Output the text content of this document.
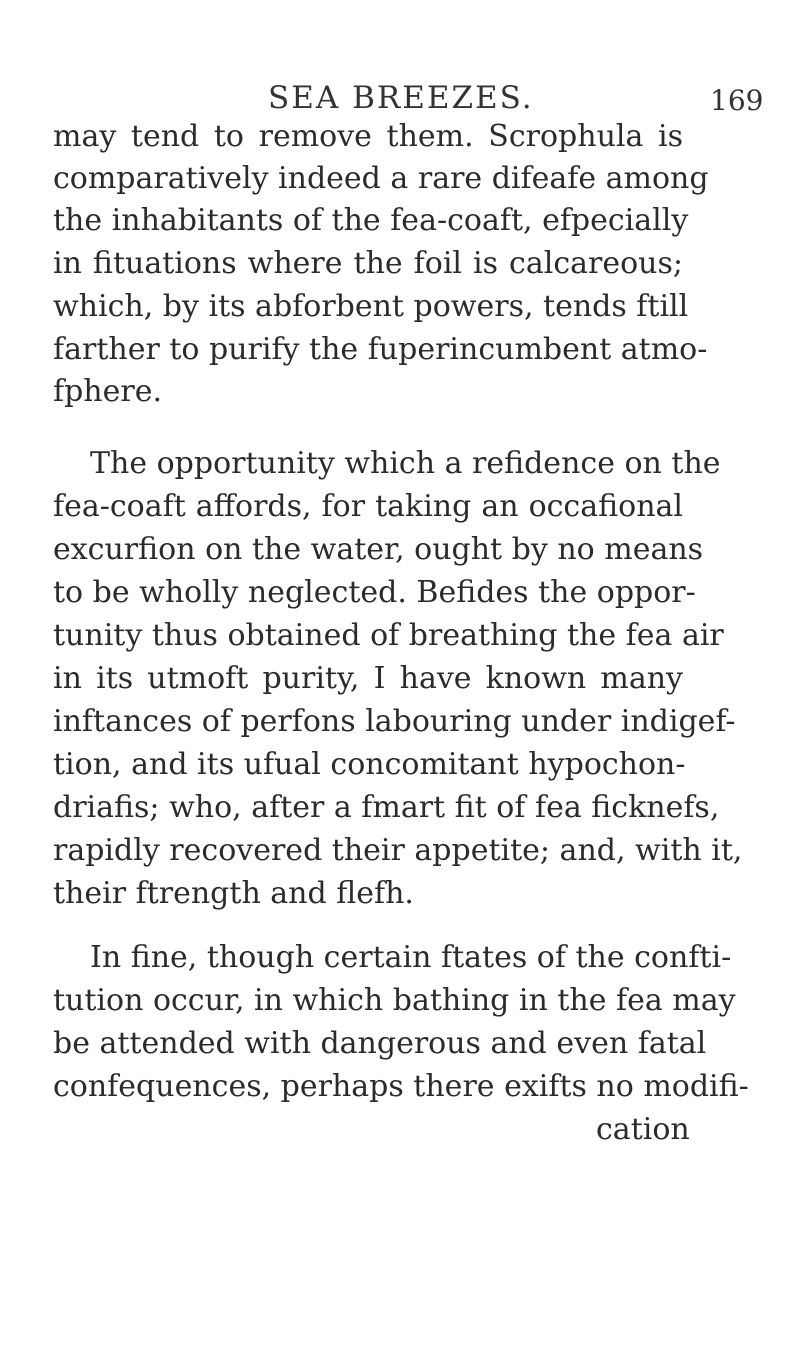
SEA BREEZES.	169
may tend to remove them. Scrophula is
comparatively indeed a rare difeafe among
the inhabitants of the fea-coaft, efpecially
in fituations where the foil is calcareous;
which, by its abforbent powers, tends ftill
farther to purify the fuperincumbent atmo-
fphere.
The opportunity which a refidence on the
fea-coaft affords, for taking an occafional
excurfion on the water, ought by no means
to be wholly neglected. Befides the oppor-
tunity thus obtained of breathing the fea air
in its utmoft purity, I have known many
inftances of perfons labouring under indigef-
tion, and its ufual concomitant hypochon-
driafis; who, after a fmart fit of fea ficknefs,
rapidly recovered their appetite; and, with it,
their ftrength and flefh.
In fine, though certain ftates of the confti-
tution occur, in which bathing in the fea may
be attended with dangerous and even fatal
confequences, perhaps there exifts no modifi-
cation
